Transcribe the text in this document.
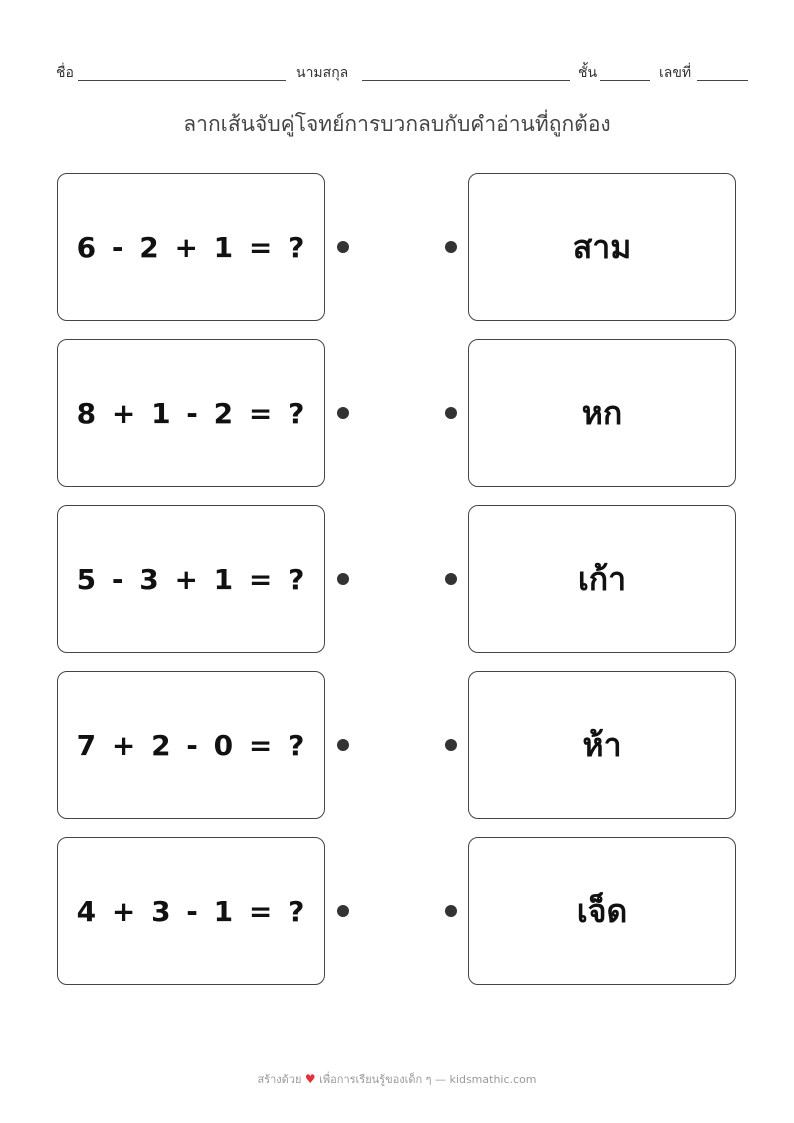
ชื่อ	นามสกุล	ชั้น	เลขที่
ลากเส้นจับคู่โจทย์การบวกลบกับคำอ่านที่ถูกต้อง
6 - 2 + 1 = ?	สาม
8 + 1 - 2 = ?	หก
5 - 3 + 1 = ?	เก้า
7 + 2 - 0 = ?	ห้า
4 + 3 - 1 = ?	เจ็ด
สร้างด้วย ♥ เพื่อการเรียนรู้ของเด็ก ๆ — kidsmathic.com
